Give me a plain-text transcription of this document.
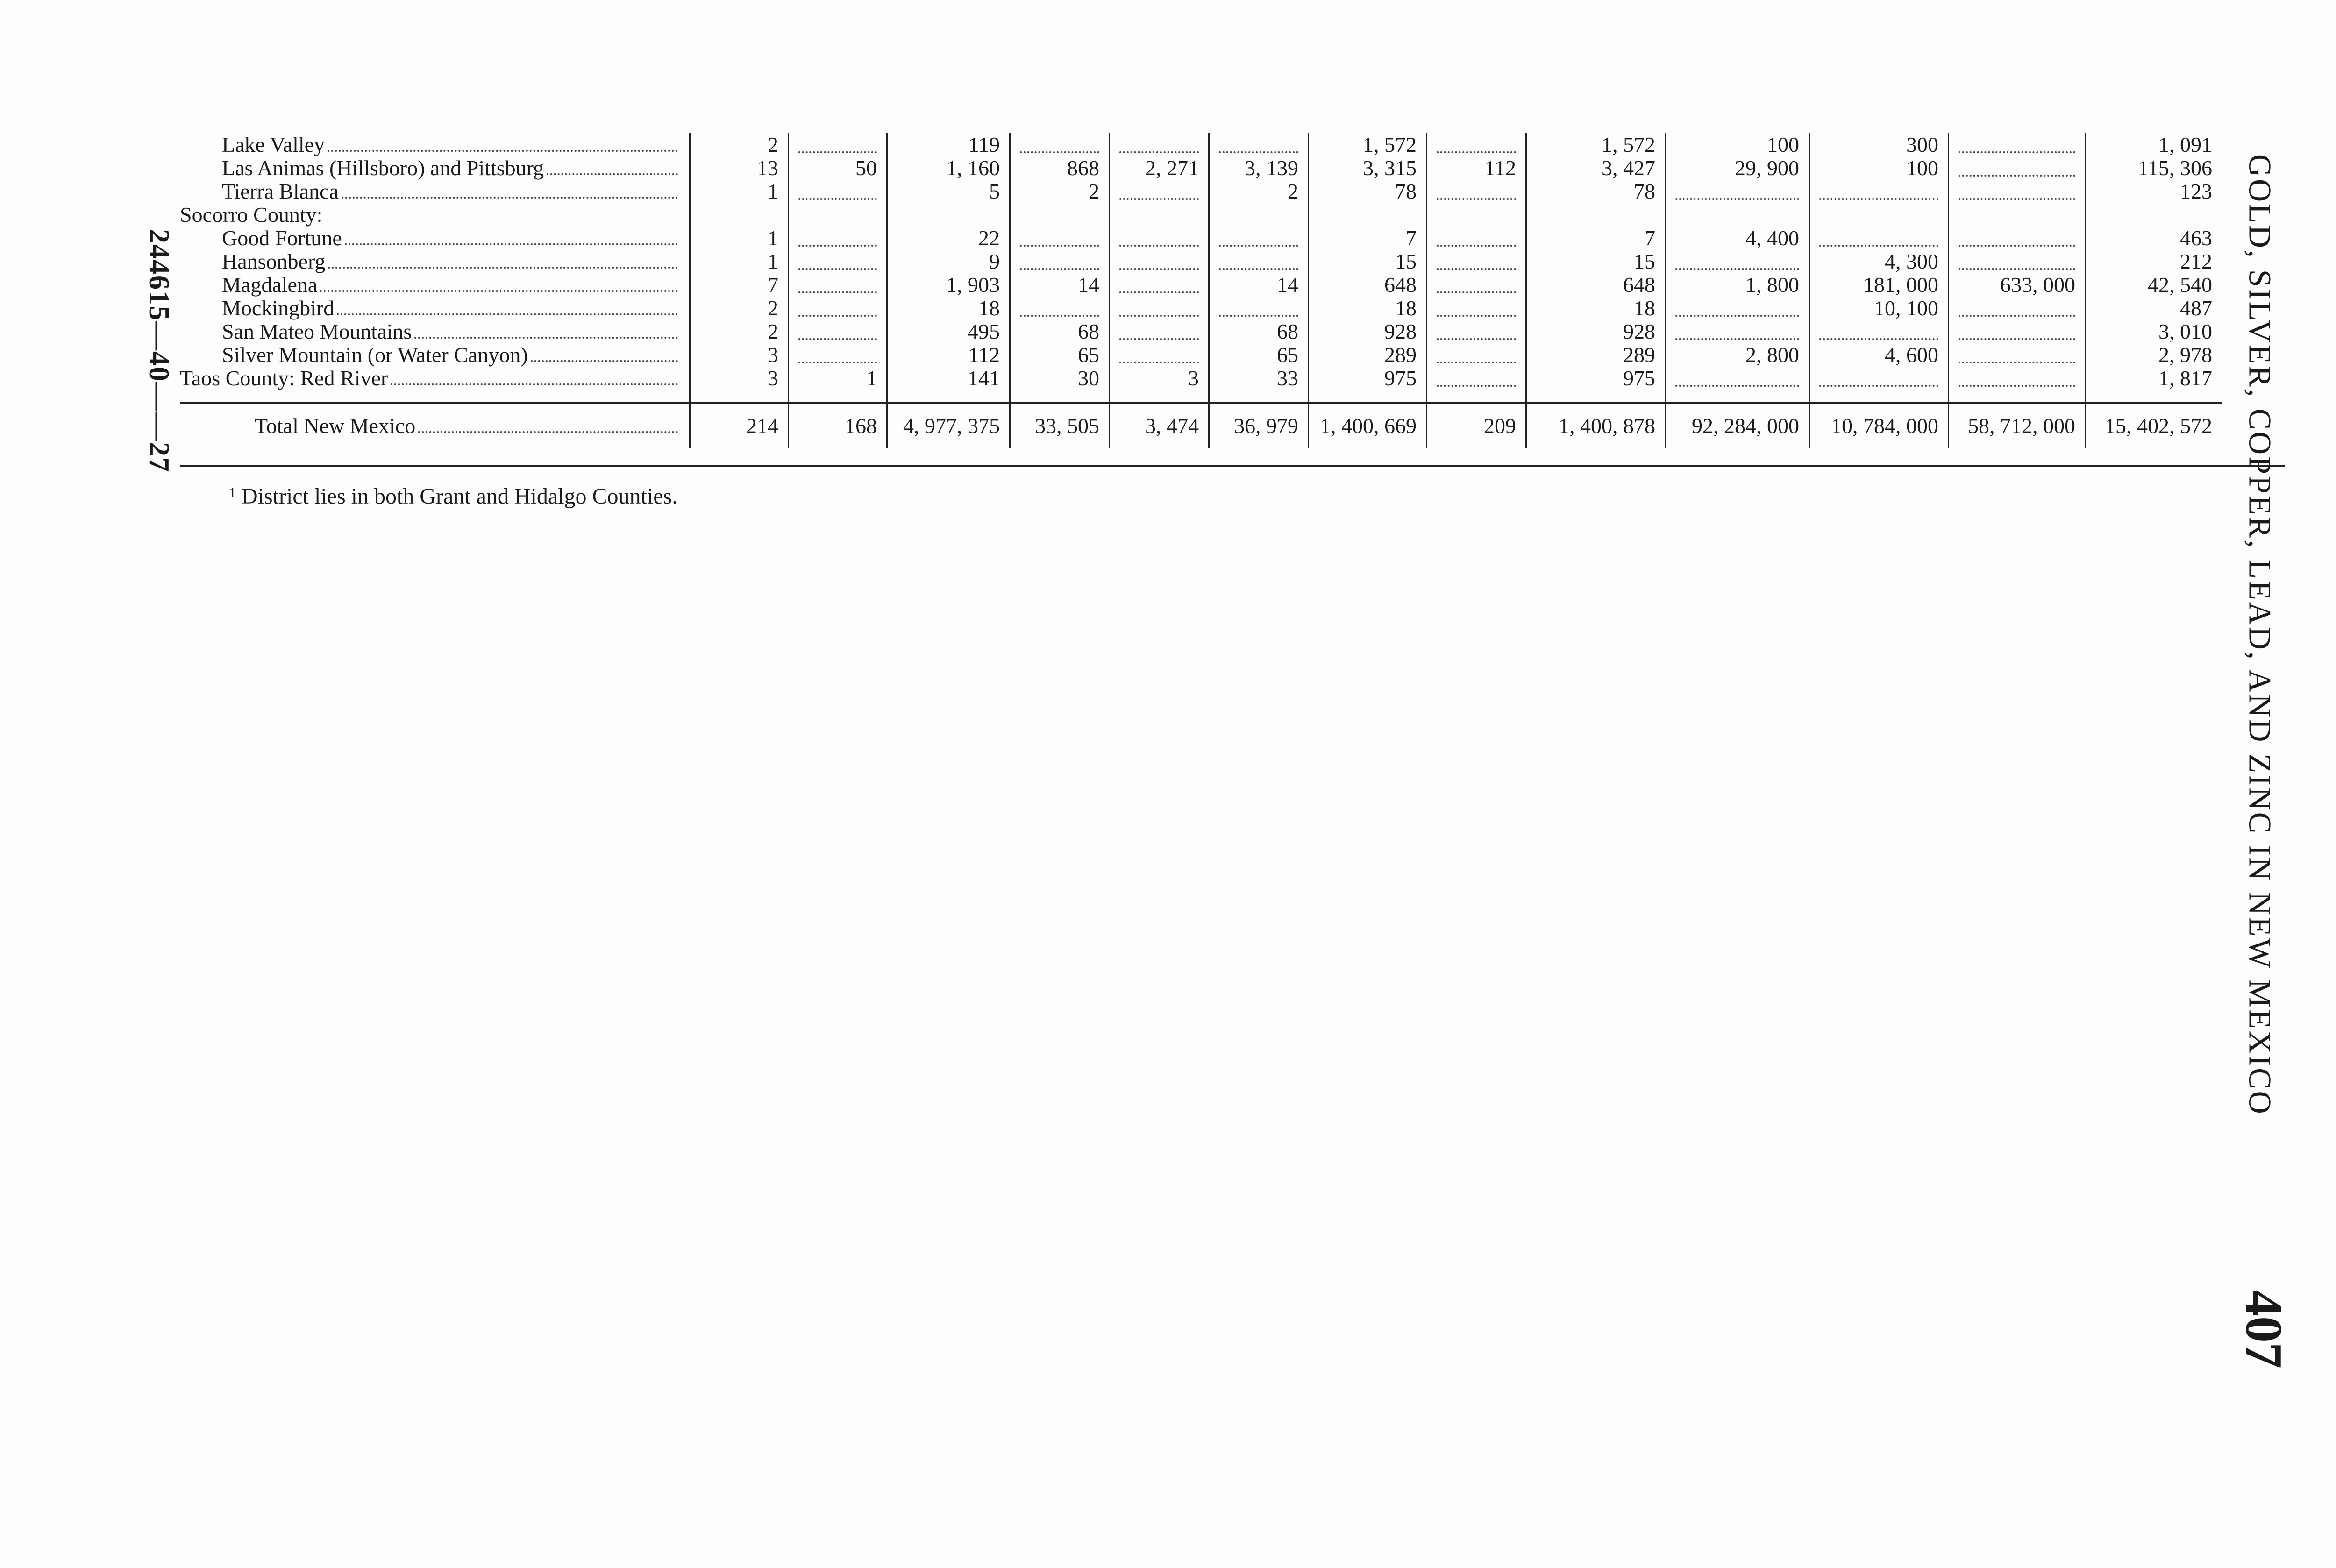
244615—40——27
Lake Valley	2		119				1, 572		1, 572	100	300		1, 091
Las Animas (Hillsboro) and Pittsburg	13	50	1, 160	868	2, 271	3, 139	3, 315	112	3, 427	29, 900	100		115, 306
Tierra Blanca	1		5	2		2	78		78				123
Socorro County:													
Good Fortune	1		22				7		7	4, 400			463
Hansonberg	1		9				15		15		4, 300		212
Magdalena	7		1, 903	14		14	648		648	1, 800	181, 000	633, 000	42, 540
Mockingbird	2		18				18		18		10, 100		487
San Mateo Mountains	2		495	68		68	928		928				3, 010
Silver Mountain (or Water Canyon)	3		112	65		65	289		289	2, 800	4, 600		2, 978
Taos County: Red River	3	1	141	30	3	33	975		975				1, 817

Total New Mexico	214	168	4, 977, 375	33, 505	3, 474	36, 979	1, 400, 669	209	1, 400, 878	92, 284, 000	10, 784, 000	58, 712, 000	15, 402, 572
$^1$ District lies in both Grant and Hidalgo Counties.	GOLD, SILVER, COPPER, LEAD, AND ZINC IN NEW MEXICO
407
